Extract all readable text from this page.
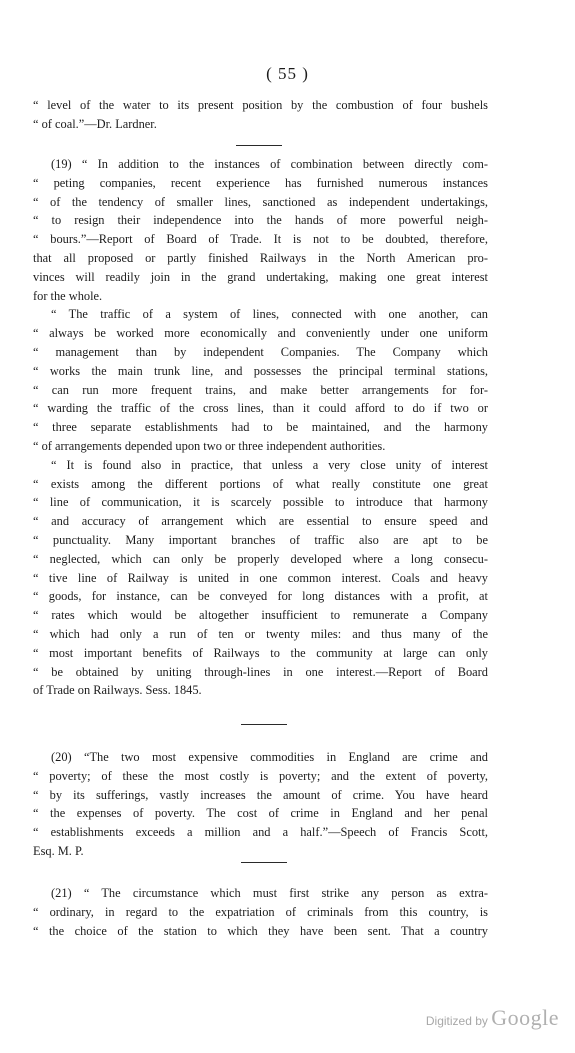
( 55 )
“ level of the water to its present position by the combustion of four bushels
“ of coal.”—Dr. Lardner.
(19) “ In addition to the instances of combination between directly com-
“ peting companies, recent experience has furnished numerous instances
“ of the tendency of smaller lines, sanctioned as independent undertakings,
“ to resign their independence into the hands of more powerful neigh-
“ bours.”—Report of Board of Trade. It is not to be doubted, therefore,
that all proposed or partly finished Railways in the North American pro-
vinces will readily join in the grand undertaking, making one great interest
for the whole.
“ The traffic of a system of lines, connected with one another, can
“ always be worked more economically and conveniently under one uniform
“ management than by independent Companies. The Company which
“ works the main trunk line, and possesses the principal terminal stations,
“ can run more frequent trains, and make better arrangements for for-
“ warding the traffic of the cross lines, than it could afford to do if two or
“ three separate establishments had to be maintained, and the harmony
“ of arrangements depended upon two or three independent authorities.
“ It is found also in practice, that unless a very close unity of interest
“ exists among the different portions of what really constitute one great
“ line of communication, it is scarcely possible to introduce that harmony
“ and accuracy of arrangement which are essential to ensure speed and
“ punctuality. Many important branches of traffic also are apt to be
“ neglected, which can only be properly developed where a long consecu-
“ tive line of Railway is united in one common interest. Coals and heavy
“ goods, for instance, can be conveyed for long distances with a profit, at
“ rates which would be altogether insufficient to remunerate a Company
“ which had only a run of ten or twenty miles: and thus many of the
“ most important benefits of Railways to the community at large can only
“ be obtained by uniting through-lines in one interest.—Report of Board
of Trade on Railways. Sess. 1845.
(20) “The two most expensive commodities in England are crime and
“ poverty; of these the most costly is poverty; and the extent of poverty,
“ by its sufferings, vastly increases the amount of crime. You have heard
“ the expenses of poverty. The cost of crime in England and her penal
“ establishments exceeds a million and a half.”—Speech of Francis Scott,
Esq. M. P.
(21) “ The circumstance which must first strike any person as extra-
“ ordinary, in regard to the expatriation of criminals from this country, is
“ the choice of the station to which they have been sent. That a country
Digitized by Google
